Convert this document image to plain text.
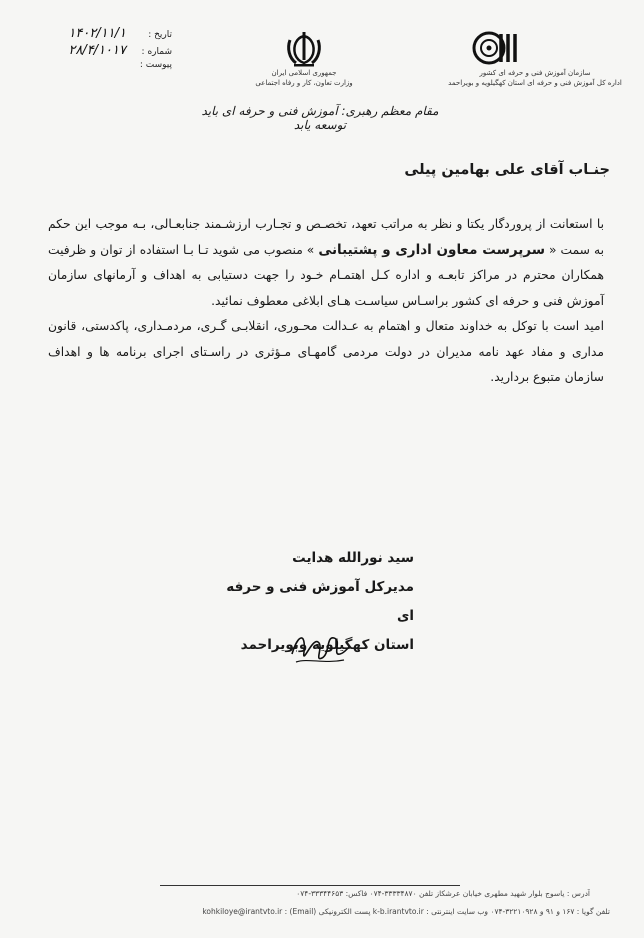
تاریخ :
۱۴۰۲/۱۱/۱
شماره :
۲۸/۴/۱۰۱۷
پیوست :
جمهوری اسلامی ایران
وزارت تعاون، کار و رفاه اجتماعی
سازمان آموزش فنی و حرفه ای کشور
اداره کل آموزش فنی و حرفه ای استان کهگیلویه و بویراحمد
مقام معظم رهبری: آموزش فنی و حرفه ای باید توسعه یابد
جنـاب آقای علی بهامین پیلی

با استعانت از پروردگار یکتا و نظر به مراتب تعهد، تخصـص و تجـارب ارزشـمند جنابعـالی، بـه موجب این حکم به سمت « سرپرست معاون اداری و پشتیبانی » منصوب می شوید تـا بـا استفاده از توان و ظرفیت همکاران محترم در مراکز تابعـه و اداره کـل اهتمـام خـود را جهت دستیابی به اهداف و آرمانهای سازمان آموزش فنی و حرفه ای کشور براسـاس سیاسـت هـای ابلاغی معطوف نمائید.

امید است با توکل به خداوند متعال و اهتمام به عـدالت محـوری، انقلابـی گـری، مردمـداری، پاکدستی، قانون مداری و مفاد عهد نامه مدیران در دولت مردمی گامهـای مـؤثری در راسـتای اجرای برنامه ها و اهداف سازمان متبوع بردارید.

سید نورالله هدایت
مدیرکل آموزش فنی و حرفه ای
استان کهگیلویه وبویراحمد
آدرس : یاسوج بلوار شهید مطهری خیابان عرشکاز تلفن ۳۳۳۳۴۸۷۰-۰۷۴ فاکس: ۳۳۳۴۴۶۵۳-۰۷۴
تلفن گویا : ۱۶۷ و ۹۱ و ۳۲۲۱۰۹۲۸-۰۷۴ وب سایت اینترنتی : k-b.irantvto.ir پست الکترونیکی (Email) : kohkiloye@irantvto.ir
